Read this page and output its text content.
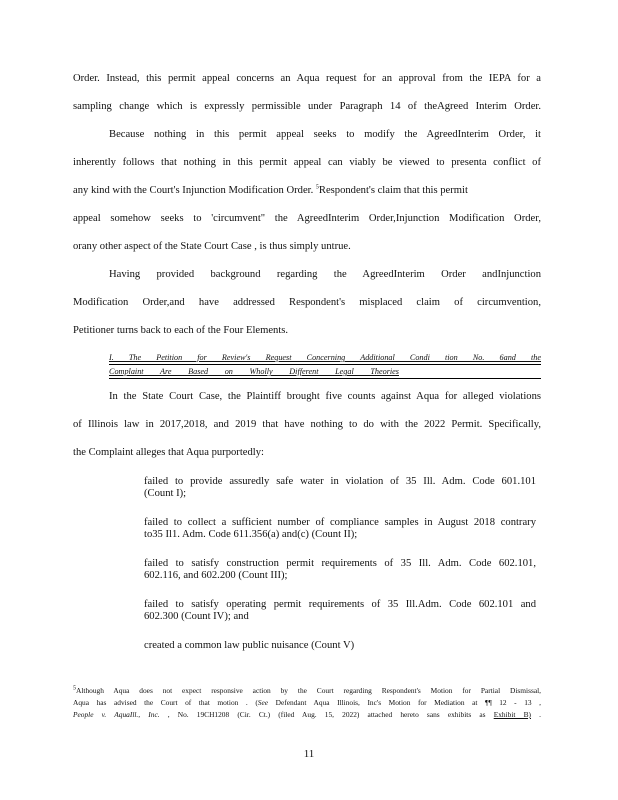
Order. Instead, this permit appeal concerns an Aqua request for an approval from the IEPA for a
sampling change which is expressly permissible under Paragraph 14 of theAgreed Interim Order.
Because nothing in this permit appeal seeks to modify the AgreedInterim Order, it
inherently follows that nothing in this permit appeal can viably be viewed to presenta conflict of
any kind with the Court's Injunction Modification Order. $^5$Respondent's claim that this permit
appeal somehow seeks to 'circumvent" the AgreedInterim Order,Injunction Modification Order,
orany other aspect of the State Court Case , is thus simply untrue.
Having provided background regarding the AgreedInterim Order andInjunction
Modification Order,and have addressed Respondent's misplaced claim of circumvention,
Petitioner turns back to each of the Four Elements.
I. The Petition for Review's Request Concerning Additional Condi tion No. 6and the
Complaint Are Based on Wholly Different Legal Theories
In the State Court Case, the Plaintiff brought five counts against Aqua for alleged violations
of Illinois law in 2017,2018, and 2019 that have nothing to do with the 2022 Permit. Specifically,
the Complaint alleges that Aqua purportedly:
failed to provide assuredly safe water in violation of 35 Ill. Adm. Code 601.101
(Count I);
failed to collect a sufficient number of compliance samples in August 2018 contrary
to35 Il1. Adm. Code 611.356(a) and(c) (Count II);
failed to satisfy construction permit requirements of 35 Ill. Adm. Code 602.101,
602.116, and 602.200 (Count III);
failed to satisfy operating permit requirements of 35 Ill.Adm. Code 602.101 and
602.300 (Count IV); and
created a common law public nuisance (Count V)
$^5$Although Aqua does not expect responsive action by the Court regarding Respondent's Motion for Partial Dismissal,
Aqua has advised the Court of that motion . (See Defendant Aqua Illinois, Inc's Motion for Mediation at ¶¶ 12 - 13 ,
People v. AquaIll., Inc. , No. 19CH1208 (Cir. Ct.) (filed Aug. 15, 2022) attached hereto sans exhibits as Exhibit B) .
11
